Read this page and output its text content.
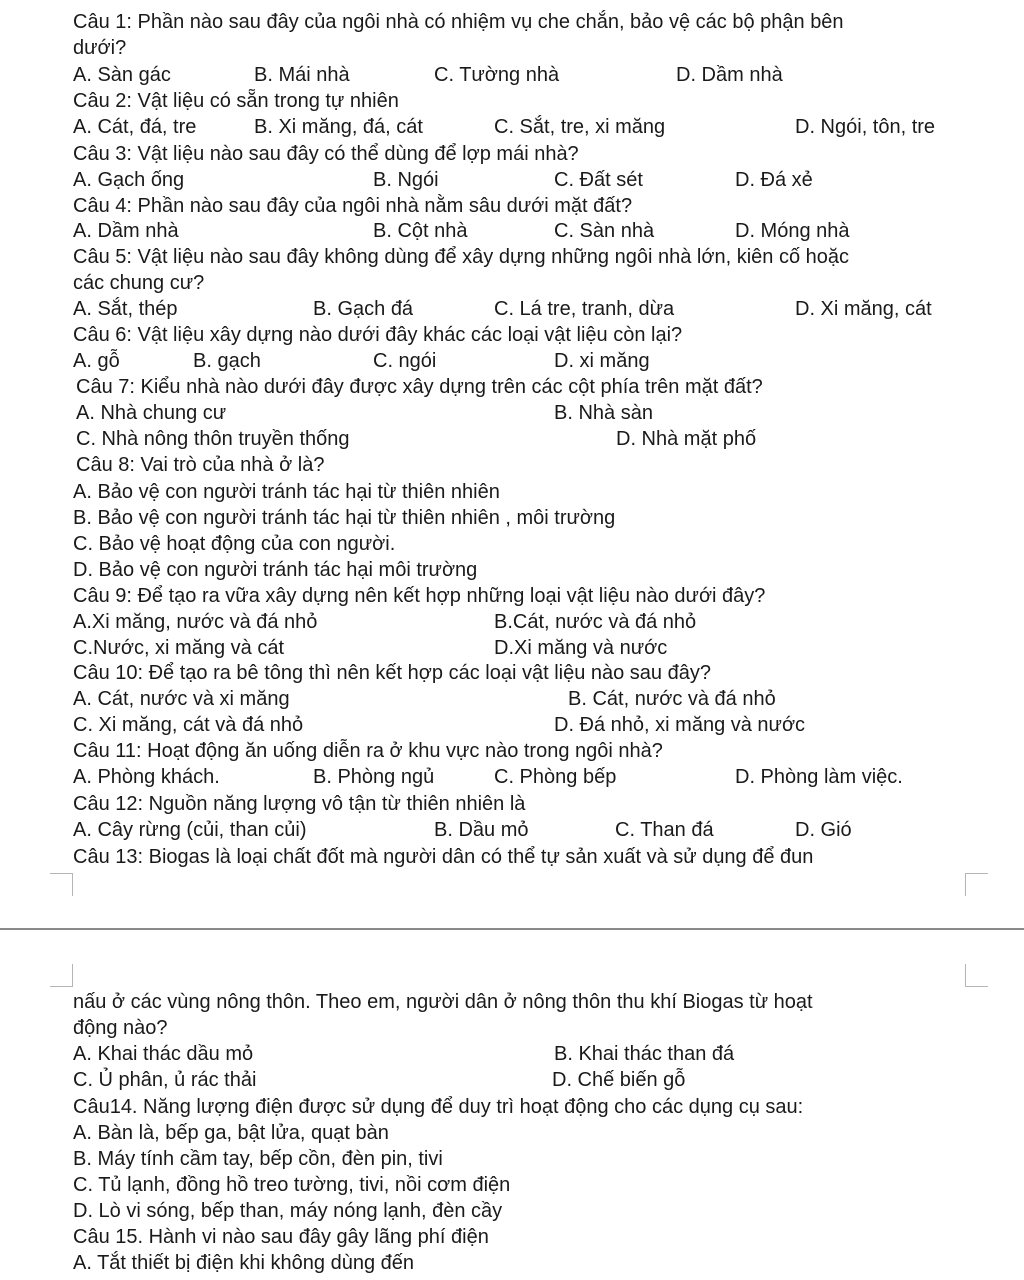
Câu 1: Phần nào sau đây của ngôi nhà có nhiệm vụ che chắn, bảo vệ các bộ phận bên
dưới?
A. Sàn gác	B. Mái nhà	C. Tường nhà	D. Dầm nhà
Câu 2: Vật liệu có sẵn trong tự nhiên
A. Cát, đá, tre	B. Xi măng, đá, cát	C. Sắt, tre, xi măng	D. Ngói, tôn, tre
Câu 3: Vật liệu nào sau đây có thể dùng để lợp mái nhà?
A. Gạch ống	B. Ngói	C. Đất sét	D. Đá xẻ
Câu 4: Phần nào sau đây của ngôi nhà nằm sâu dưới mặt đất?
A. Dầm nhà	B. Cột nhà	C. Sàn nhà	D. Móng nhà
Câu 5: Vật liệu nào sau đây không dùng để xây dựng những ngôi nhà lớn, kiên cố hoặc
các chung cư?
A. Sắt, thép	B. Gạch đá	C. Lá tre, tranh, dừa	D. Xi măng, cát
Câu 6: Vật liệu xây dựng nào dưới đây khác các loại vật liệu còn lại?
A. gỗ	B. gạch	C. ngói	D. xi măng
Câu 7: Kiểu nhà nào dưới đây được xây dựng trên các cột phía trên mặt đất?
A. Nhà chung cư	B. Nhà sàn
C. Nhà nông thôn truyền thống	D. Nhà mặt phố
Câu 8: Vai trò của nhà ở là?
A. Bảo vệ con người tránh tác hại từ thiên nhiên
B. Bảo vệ con người tránh tác hại từ thiên nhiên , môi trường
C. Bảo vệ hoạt động của con người.
D. Bảo vệ con người tránh tác hại môi trường
Câu 9: Để tạo ra vữa xây dựng nên kết hợp những loại vật liệu nào dưới đây?
A.Xi măng, nước và đá nhỏ	B.Cát, nước và đá nhỏ
C.Nước, xi măng và cát	D.Xi măng và nước
Câu 10: Để tạo ra bê tông thì nên kết hợp các loại vật liệu nào sau đây?
A. Cát, nước và xi măng	B. Cát, nước và đá nhỏ
C. Xi măng, cát và đá nhỏ	D. Đá nhỏ, xi măng và nước
Câu 11: Hoạt động ăn uống diễn ra ở khu vực nào trong ngôi nhà?
A. Phòng khách.	B. Phòng ngủ	C. Phòng bếp	D. Phòng làm việc.
Câu 12: Nguồn năng lượng vô tận từ thiên nhiên là
A. Cây rừng (củi, than củi)	B. Dầu mỏ	C. Than đá	D. Gió
Câu 13: Biogas là loại chất đốt mà người dân có thể tự sản xuất và sử dụng để đun
nấu ở các vùng nông thôn. Theo em, người dân ở nông thôn thu khí Biogas từ hoạt
động nào?
A. Khai thác dầu mỏ	B. Khai thác than đá
C. Ủ phân, ủ rác thải	D. Chế biến gỗ
Câu14. Năng lượng điện được sử dụng để duy trì hoạt động cho các dụng cụ sau:
A. Bàn là, bếp ga, bật lửa, quạt bàn
B. Máy tính cầm tay, bếp cồn, đèn pin, tivi
C. Tủ lạnh, đồng hồ treo tường, tivi, nồi cơm điện
D. Lò vi sóng, bếp than, máy nóng lạnh, đèn cầy
Câu 15. Hành vi nào sau đây gây lãng phí điện
A. Tắt thiết bị điện khi không dùng đến
